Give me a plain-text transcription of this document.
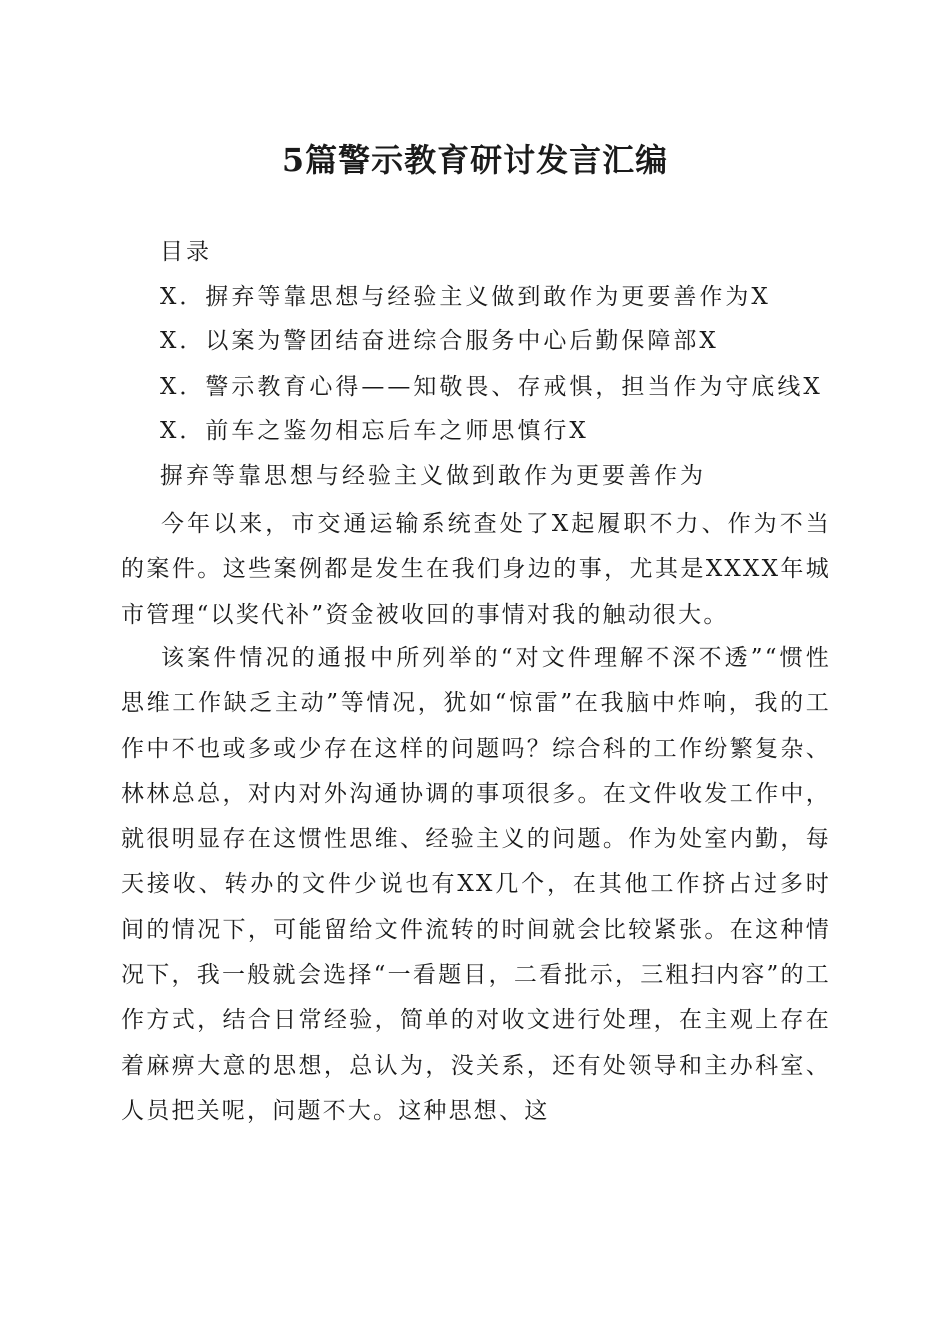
5篇警示教育研讨发言汇编
目录
X．摒弃等靠思想与经验主义做到敢作为更要善作为X
X．以案为警团结奋进综合服务中心后勤保障部X
X．警示教育心得——知敬畏、存戒惧，担当作为守底线X
X．前车之鉴勿相忘后车之师思慎行X
摒弃等靠思想与经验主义做到敢作为更要善作为
今年以来，市交通运输系统查处了X起履职不力、作为不当的案件。这些案例都是发生在我们身边的事，尤其是XXXX年城市管理“以奖代补”资金被收回的事情对我的触动很大。
该案件情况的通报中所列举的“对文件理解不深不透”“惯性思维工作缺乏主动”等情况，犹如“惊雷”在我脑中炸响，我的工作中不也或多或少存在这样的问题吗？综合科的工作纷繁复杂、林林总总，对内对外沟通协调的事项很多。在文件收发工作中，就很明显存在这惯性思维、经验主义的问题。作为处室内勤，每天接收、转办的文件少说也有XX几个，在其他工作挤占过多时间的情况下，可能留给文件流转的时间就会比较紧张。在这种情况下，我一般就会选择“一看题目，二看批示，三粗扫内容”的工作方式，结合日常经验，简单的对收文进行处理，在主观上存在着麻痹大意的思想，总认为，没关系，还有处领导和主办科室、人员把关呢，问题不大。这种思想、这
